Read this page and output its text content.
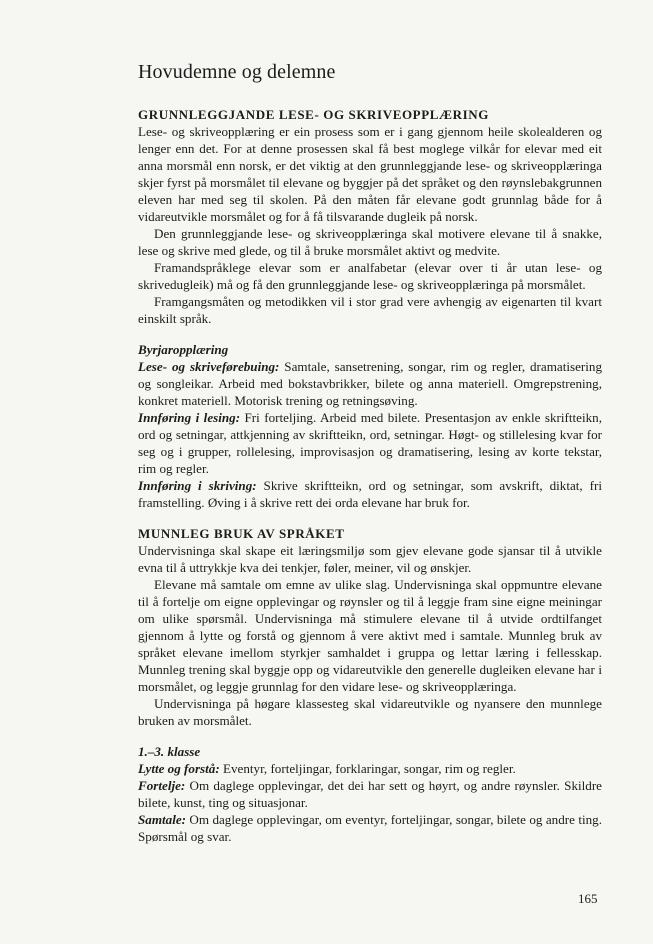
Hovudemne og delemne
GRUNNLEGGJANDE LESE- OG SKRIVEOPPLÆRING

Lese- og skriveopplæring er ein prosess som er i gang gjennom heile skolealderen og lenger enn det. For at denne prosessen skal få best moglege vilkår for elevar med eit anna morsmål enn norsk, er det viktig at den grunnleggjande lese- og skriveopplæringa skjer fyrst på morsmålet til elevane og byggjer på det språket og den røynslebakgrunnen eleven har med seg til skolen. På den måten får elevane godt grunnlag både for å vidareutvikle morsmålet og for å få tilsvarande dugleik på norsk.

Den grunnleggjande lese- og skriveopplæringa skal motivere elevane til å snakke, lese og skrive med glede, og til å bruke morsmålet aktivt og medvite.

Framandspråklege elevar som er analfabetar (elevar over ti år utan lese- og skrivedugleik) må og få den grunnleggjande lese- og skriveopplæringa på morsmålet.

Framgangsmåten og metodikken vil i stor grad vere avhengig av eigenarten til kvart einskilt språk.

Byrjaropplæring

Lese- og skriveførebuing: Samtale, sansetrening, songar, rim og regler, dramatisering og songleikar. Arbeid med bokstavbrikker, bilete og anna materiell. Omgrepstrening, konkret materiell. Motorisk trening og retningsøving.

Innføring i lesing: Fri forteljing. Arbeid med bilete. Presentasjon av enkle skriftteikn, ord og setningar, attkjenning av skriftteikn, ord, setningar. Høgt- og stillelesing kvar for seg og i grupper, rollelesing, improvisasjon og dramatisering, lesing av korte tekstar, rim og regler.

Innføring i skriving: Skrive skriftteikn, ord og setningar, som avskrift, diktat, fri framstelling. Øving i å skrive rett dei orda elevane har bruk for.

MUNNLEG BRUK AV SPRÅKET

Undervisninga skal skape eit læringsmiljø som gjev elevane gode sjansar til å utvikle evna til å uttrykkje kva dei tenkjer, føler, meiner, vil og ønskjer.

Elevane må samtale om emne av ulike slag. Undervisninga skal oppmuntre elevane til å fortelje om eigne opplevingar og røynsler og til å leggje fram sine eigne meiningar om ulike spørsmål. Undervisninga må stimulere elevane til å utvide ordtilfanget gjennom å lytte og forstå og gjennom å vere aktivt med i samtale. Munnleg bruk av språket elevane imellom styrkjer samhaldet i gruppa og lettar læring i fellesskap. Munnleg trening skal byggje opp og vidareutvikle den generelle dugleiken elevane har i morsmålet, og leggje grunnlag for den vidare lese- og skriveopplæringa.

Undervisninga på høgare klassesteg skal vidareutvikle og nyansere den munnlege bruken av morsmålet.

1.–3. klasse

Lytte og forstå: Eventyr, forteljingar, forklaringar, songar, rim og regler.

Fortelje: Om daglege opplevingar, det dei har sett og høyrt, og andre røynsler. Skildre bilete, kunst, ting og situasjonar.

Samtale: Om daglege opplevingar, om eventyr, forteljingar, songar, bilete og andre ting. Spørsmål og svar.

165
